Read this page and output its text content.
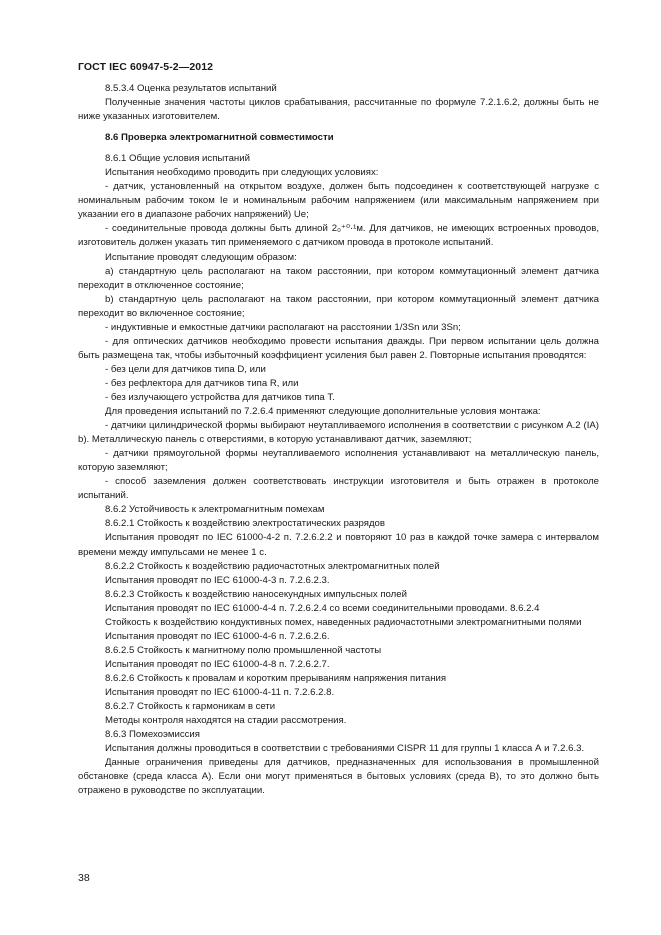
ГОСТ IEC 60947-5-2—2012

8.5.3.4 Оценка результатов испытаний

Полученные значения частоты циклов срабатывания, рассчитанные по формуле 7.2.1.6.2, должны быть не ниже указанных изготовителем.

8.6 Проверка электромагнитной совместимости

8.6.1 Общие условия испытаний

Испытания необходимо проводить при следующих условиях:

- датчик, установленный на открытом воздухе, должен быть подсоединен к соответствующей нагрузке с номинальным рабочим током Iе и номинальным рабочим напряжением (или максимальным напряжением при указании его в диапазоне рабочих напряжений) Uе;

- соединительные провода должны быть длиной 2₀⁺⁰·¹м. Для датчиков, не имеющих встроенных проводов, изготовитель должен указать тип применяемого с датчиком провода в протоколе испытаний.

Испытание проводят следующим образом:

a) стандартную цель располагают на таком расстоянии, при котором коммутационный элемент датчика переходит в отключенное состояние;

b) стандартную цель располагают на таком расстоянии, при котором коммутационный элемент датчика переходит во включенное состояние;

- индуктивные и емкостные датчики располагают на расстоянии 1/3Sn или 3Sn;

- для оптических датчиков необходимо провести испытания дважды. При первом испытании цель должна быть размещена так, чтобы избыточный коэффициент усиления был равен 2. Повторные испытания проводятся:

- без цели для датчиков типа D, или

- без рефлектора для датчиков типа R, или

- без излучающего устройства для датчиков типа Т.

Для проведения испытаний по 7.2.6.4 применяют следующие дополнительные условия монтажа:

- датчики цилиндрической формы выбирают неутапливаемого исполнения в соответствии с рисунком А.2 (IA) b). Металлическую панель с отверстиями, в которую устанавливают датчик, заземляют;

- датчики прямоугольной формы неутапливаемого исполнения устанавливают на металлическую панель, которую заземляют;

- способ заземления должен соответствовать инструкции изготовителя и быть отражен в протоколе испытаний.

8.6.2 Устойчивость к электромагнитным помехам

8.6.2.1 Стойкость к воздействию электростатических разрядов

Испытания проводят по IEC 61000-4-2 п. 7.2.6.2.2 и повторяют 10 раз в каждой точке замера с интервалом времени между импульсами не менее 1 с.

8.6.2.2 Стойкость к воздействию радиочастотных электромагнитных полей

Испытания проводят по IEC 61000-4-3 п. 7.2.6.2.3.

8.6.2.3 Стойкость к воздействию наносекундных импульсных полей

Испытания проводят по IEC 61000-4-4 п. 7.2.6.2.4 со всеми соединительными проводами. 8.6.2.4

Стойкость к воздействию кондуктивных помех, наведенных радиочастотными электромагнитными полями

Испытания проводят по IEC 61000-4-6 п. 7.2.6.2.6.

8.6.2.5 Стойкость к магнитному полю промышленной частоты

Испытания проводят по IEC 61000-4-8 п. 7.2.6.2.7.

8.6.2.6 Стойкость к провалам и коротким прерываниям напряжения питания

Испытания проводят по IEC 61000-4-11 п. 7.2.6.2.8.

8.6.2.7 Стойкость к гармоникам в сети

Методы контроля находятся на стадии рассмотрения.

8.6.3 Помехоэмиссия

Испытания должны проводиться в соответствии с требованиями CISPR 11 для группы 1 класса А и 7.2.6.3.

Данные ограничения приведены для датчиков, предназначенных для использования в промышленной обстановке (среда класса А). Если они могут применяться в бытовых условиях (среда В), то это должно быть отражено в руководстве по эксплуатации.

38
